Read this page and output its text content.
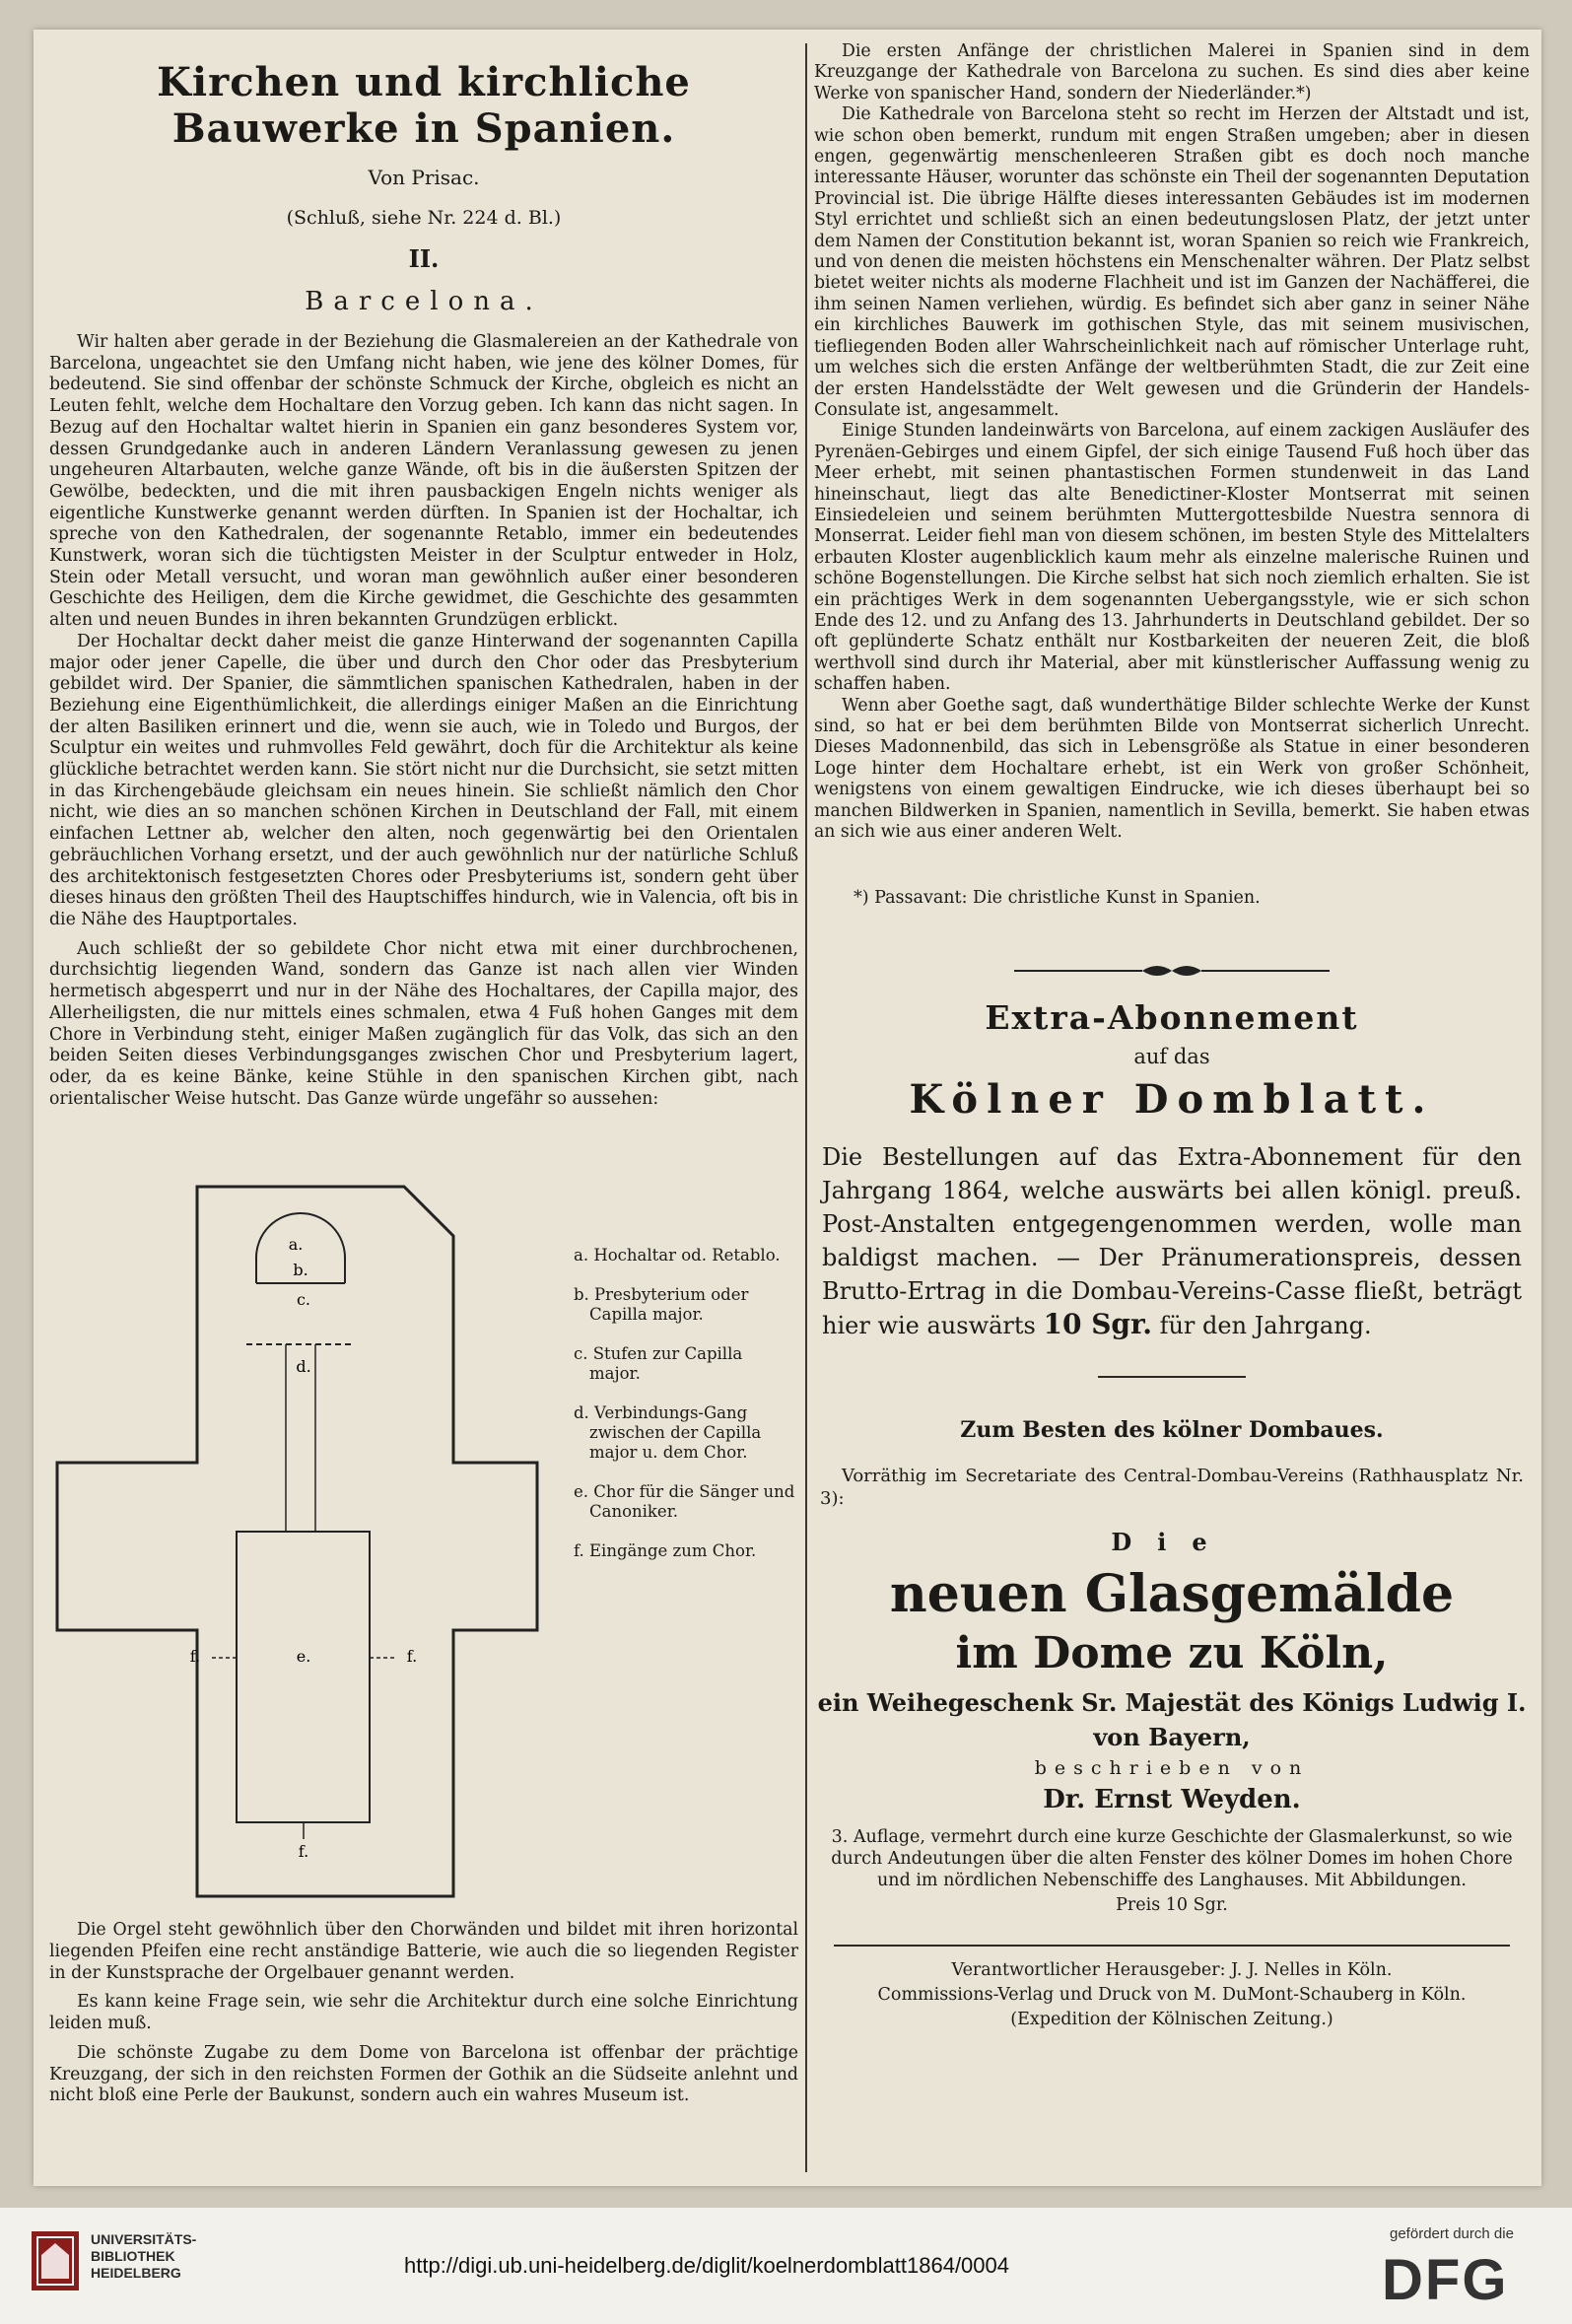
Kirchen und kirchliche Bauwerke in Spanien.
Von Prisac.
(Schluß, siehe Nr. 224 d. Bl.)
II.
Barcelona.

Wir halten aber gerade in der Beziehung die Glasmalereien an der Kathedrale von Barcelona, ungeachtet sie den Umfang nicht haben, wie jene des kölner Domes, für bedeutend. Sie sind offenbar der schönste Schmuck der Kirche, obgleich es nicht an Leuten fehlt, welche dem Hochaltare den Vorzug geben. Ich kann das nicht sagen. In Bezug auf den Hochaltar waltet hierin in Spanien ein ganz besonderes System vor, dessen Grundgedanke auch in anderen Ländern Veranlassung gewesen zu jenen ungeheuren Altarbauten, welche ganze Wände, oft bis in die äußersten Spitzen der Gewölbe, bedeckten, und die mit ihren pausbackigen Engeln nichts weniger als eigentliche Kunstwerke genannt werden dürften. In Spanien ist der Hochaltar, ich spreche von den Kathedralen, der sogenannte Retablo, immer ein bedeutendes Kunstwerk, woran sich die tüchtigsten Meister in der Sculptur entweder in Holz, Stein oder Metall versucht, und woran man gewöhnlich außer einer besonderen Geschichte des Heiligen, dem die Kirche gewidmet, die Geschichte des gesammten alten und neuen Bundes in ihren bekannten Grundzügen erblickt.

Der Hochaltar deckt daher meist die ganze Hinterwand der sogenannten Capilla major oder jener Capelle, die über und durch den Chor oder das Presbyterium gebildet wird. Der Spanier, die sämmtlichen spanischen Kathedralen, haben in der Beziehung eine Eigenthümlichkeit, die allerdings einiger Maßen an die Einrichtung der alten Basiliken erinnert und die, wenn sie auch, wie in Toledo und Burgos, der Sculptur ein weites und ruhmvolles Feld gewährt, doch für die Architektur als keine glückliche betrachtet werden kann. Sie stört nicht nur die Durchsicht, sie setzt mitten in das Kirchengebäude gleichsam ein neues hinein. Sie schließt nämlich den Chor nicht, wie dies an so manchen schönen Kirchen in Deutschland der Fall, mit einem einfachen Lettner ab, welcher den alten, noch gegenwärtig bei den Orientalen gebräuchlichen Vorhang ersetzt, und der auch gewöhnlich nur der natürliche Schluß des architektonisch festgesetzten Chores oder Presbyteriums ist, sondern geht über dieses hinaus den größten Theil des Hauptschiffes hindurch, wie in Valencia, oft bis in die Nähe des Hauptportales.

Auch schließt der so gebildete Chor nicht etwa mit einer durchbrochenen, durchsichtig liegenden Wand, sondern das Ganze ist nach allen vier Winden hermetisch abgesperrt und nur in der Nähe des Hochaltares, der Capilla major, des Allerheiligsten, die nur mittels eines schmalen, etwa 4 Fuß hohen Ganges mit dem Chore in Verbindung steht, einiger Maßen zugänglich für das Volk, das sich an den beiden Seiten dieses Verbindungsganges zwischen Chor und Presbyterium lagert, oder, da es keine Bänke, keine Stühle in den spanischen Kirchen gibt, nach orientalischer Weise hutscht. Das Ganze würde ungefähr so aussehen:

a.
b.
c.
d.
e.
f.	f.
f.
a. Hochaltar od. Retablo.
b. Presbyterium oder Capilla major.
c. Stufen zur Capilla major.
d. Verbindungs-Gang zwischen der Capilla major u. dem Chor.
e. Chor für die Sänger und Canoniker.
f. Eingänge zum Chor.

Die Orgel steht gewöhnlich über den Chorwänden und bildet mit ihren horizontal liegenden Pfeifen eine recht anständige Batterie, wie auch die so liegenden Register in der Kunstsprache der Orgelbauer genannt werden.

Es kann keine Frage sein, wie sehr die Architektur durch eine solche Einrichtung leiden muß.

Die schönste Zugabe zu dem Dome von Barcelona ist offenbar der prächtige Kreuzgang, der sich in den reichsten Formen der Gothik an die Südseite anlehnt und nicht bloß eine Perle der Baukunst, sondern auch ein wahres Museum ist.

Die ersten Anfänge der christlichen Malerei in Spanien sind in dem Kreuzgange der Kathedrale von Barcelona zu suchen. Es sind dies aber keine Werke von spanischer Hand, sondern der Niederländer.*)

Die Kathedrale von Barcelona steht so recht im Herzen der Altstadt und ist, wie schon oben bemerkt, rundum mit engen Straßen umgeben; aber in diesen engen, gegenwärtig menschenleeren Straßen gibt es doch noch manche interessante Häuser, worunter das schönste ein Theil der sogenannten Deputation Provincial ist. Die übrige Hälfte dieses interessanten Gebäudes ist im modernen Styl errichtet und schließt sich an einen bedeutungslosen Platz, der jetzt unter dem Namen der Constitution bekannt ist, woran Spanien so reich wie Frankreich, und von denen die meisten höchstens ein Menschenalter währen. Der Platz selbst bietet weiter nichts als moderne Flachheit und ist im Ganzen der Nachäfferei, die ihm seinen Namen verliehen, würdig. Es befindet sich aber ganz in seiner Nähe ein kirchliches Bauwerk im gothischen Style, das mit seinem musivischen, tiefliegenden Boden aller Wahrscheinlichkeit nach auf römischer Unterlage ruht, um welches sich die ersten Anfänge der weltberühmten Stadt, die zur Zeit eine der ersten Handelsstädte der Welt gewesen und die Gründerin der Handels-Consulate ist, angesammelt.

Einige Stunden landeinwärts von Barcelona, auf einem zackigen Ausläufer des Pyrenäen-Gebirges und einem Gipfel, der sich einige Tausend Fuß hoch über das Meer erhebt, mit seinen phantastischen Formen stundenweit in das Land hineinschaut, liegt das alte Benedictiner-Kloster Montserrat mit seinen Einsiedeleien und seinem berühmten Muttergottesbilde Nuestra sennora di Monserrat. Leider fiehl man von diesem schönen, im besten Style des Mittelalters erbauten Kloster augenblicklich kaum mehr als einzelne malerische Ruinen und schöne Bogenstellungen. Die Kirche selbst hat sich noch ziemlich erhalten. Sie ist ein prächtiges Werk in dem sogenannten Uebergangsstyle, wie er sich schon Ende des 12. und zu Anfang des 13. Jahrhunderts in Deutschland gebildet. Der so oft geplünderte Schatz enthält nur Kostbarkeiten der neueren Zeit, die bloß werthvoll sind durch ihr Material, aber mit künstlerischer Auffassung wenig zu schaffen haben.

Wenn aber Goethe sagt, daß wunderthätige Bilder schlechte Werke der Kunst sind, so hat er bei dem berühmten Bilde von Montserrat sicherlich Unrecht. Dieses Madonnenbild, das sich in Lebensgröße als Statue in einer besonderen Loge hinter dem Hochaltare erhebt, ist ein Werk von großer Schönheit, wenigstens von einem gewaltigen Eindrucke, wie ich dieses überhaupt bei so manchen Bildwerken in Spanien, namentlich in Sevilla, bemerkt. Sie haben etwas an sich wie aus einer anderen Welt.

*) Passavant: Die christliche Kunst in Spanien.
Extra-Abonnement
auf das
Kölner Domblatt.
Die Bestellungen auf das Extra-Abonnement für den Jahrgang 1864, welche auswärts bei allen königl. preuß. Post-Anstalten entgegengenommen werden, wolle man baldigst machen. — Der Pränumerationspreis, dessen Brutto-Ertrag in die Dombau-Vereins-Casse fließt, beträgt hier wie auswärts 10 Sgr. für den Jahrgang.
Zum Besten des kölner Dombaues.
Vorräthig im Secretariate des Central-Dombau-Vereins (Rathhausplatz Nr. 3):
Die
neuen Glasgemälde
im Dome zu Köln,
ein Weihegeschenk Sr. Majestät des Königs Ludwig I.
von Bayern,
beschrieben von
Dr. Ernst Weyden.
3. Auflage, vermehrt durch eine kurze Geschichte der Glasmalerkunst, so wie durch Andeutungen über die alten Fenster des kölner Domes im hohen Chore und im nördlichen Nebenschiffe des Langhauses. Mit Abbildungen.
Preis 10 Sgr.
Verantwortlicher Herausgeber: J. J. Nelles in Köln.
Commissions-Verlag und Druck von M. DuMont-Schauberg in Köln.
(Expedition der Kölnischen Zeitung.)
UNIVERSITÄTS-
BIBLIOTHEK
HEIDELBERG	http://digi.ub.uni-heidelberg.de/diglit/koelnerdomblatt1864/0004
gefördert durch die
DFG
